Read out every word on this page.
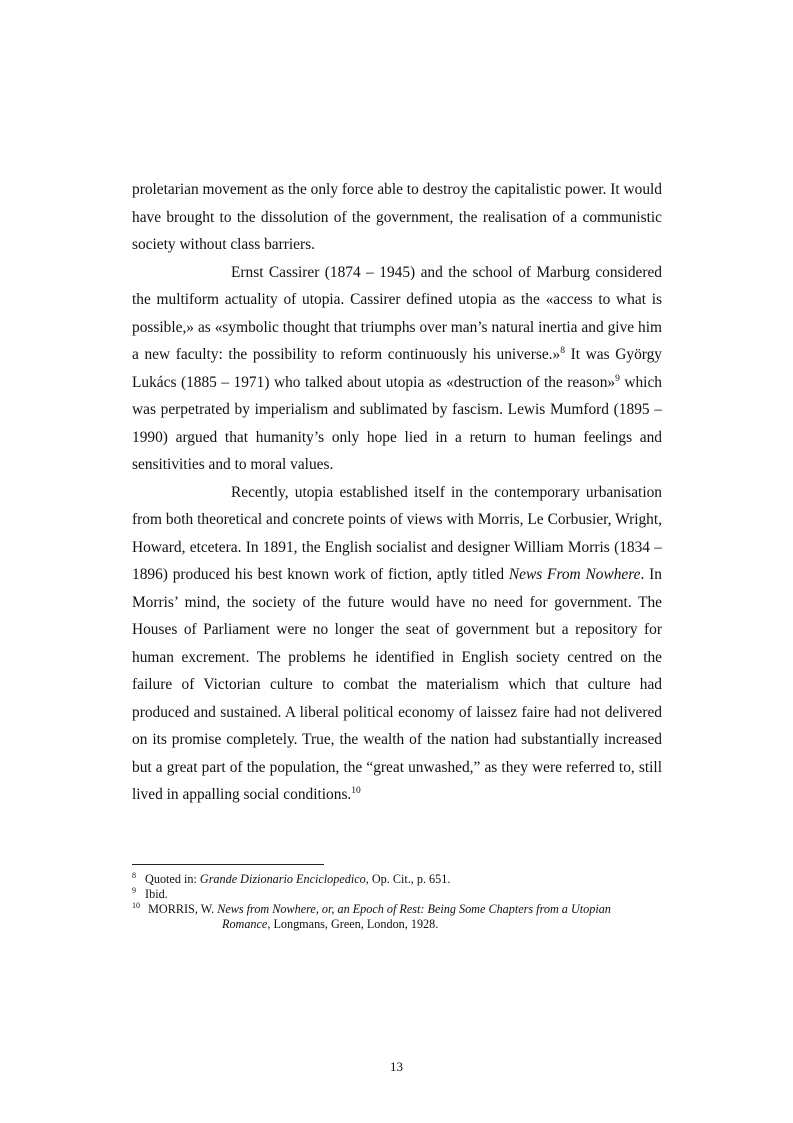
proletarian movement as the only force able to destroy the capitalistic power. It would have brought to the dissolution of the government, the realisation of a communistic society without class barriers.

Ernst Cassirer (1874 – 1945) and the school of Marburg considered the multiform actuality of utopia. Cassirer defined utopia as the «access to what is possible,» as «symbolic thought that triumphs over man’s natural inertia and give him a new faculty: the possibility to reform continuously his universe.»$^8$ It was György Lukács (1885 – 1971) who talked about utopia as «destruction of the reason»$^9$ which was perpetrated by imperialism and sublimated by fascism. Lewis Mumford (1895 – 1990) argued that humanity’s only hope lied in a return to human feelings and sensitivities and to moral values.

Recently, utopia established itself in the contemporary urbanisation from both theoretical and concrete points of views with Morris, Le Corbusier, Wright, Howard, etcetera. In 1891, the English socialist and designer William Morris (1834 – 1896) produced his best known work of fiction, aptly titled News From Nowhere. In Morris’ mind, the society of the future would have no need for government. The Houses of Parliament were no longer the seat of government but a repository for human excrement. The problems he identified in English society centred on the failure of Victorian culture to combat the materialism which that culture had produced and sustained. A liberal political economy of laissez faire had not delivered on its promise completely. True, the wealth of the nation had substantially increased but a great part of the population, the “great unwashed,” as they were referred to, still lived in appalling social conditions.$^{10}$

$^8$ Quoted in: Grande Dizionario Enciclopedico, Op. Cit., p. 651.

$^9$ Ibid.

$^{10}$ MORRIS, W. News from Nowhere, or, an Epoch of Rest: Being Some Chapters from a Utopian

Romance, Longmans, Green, London, 1928.

13
